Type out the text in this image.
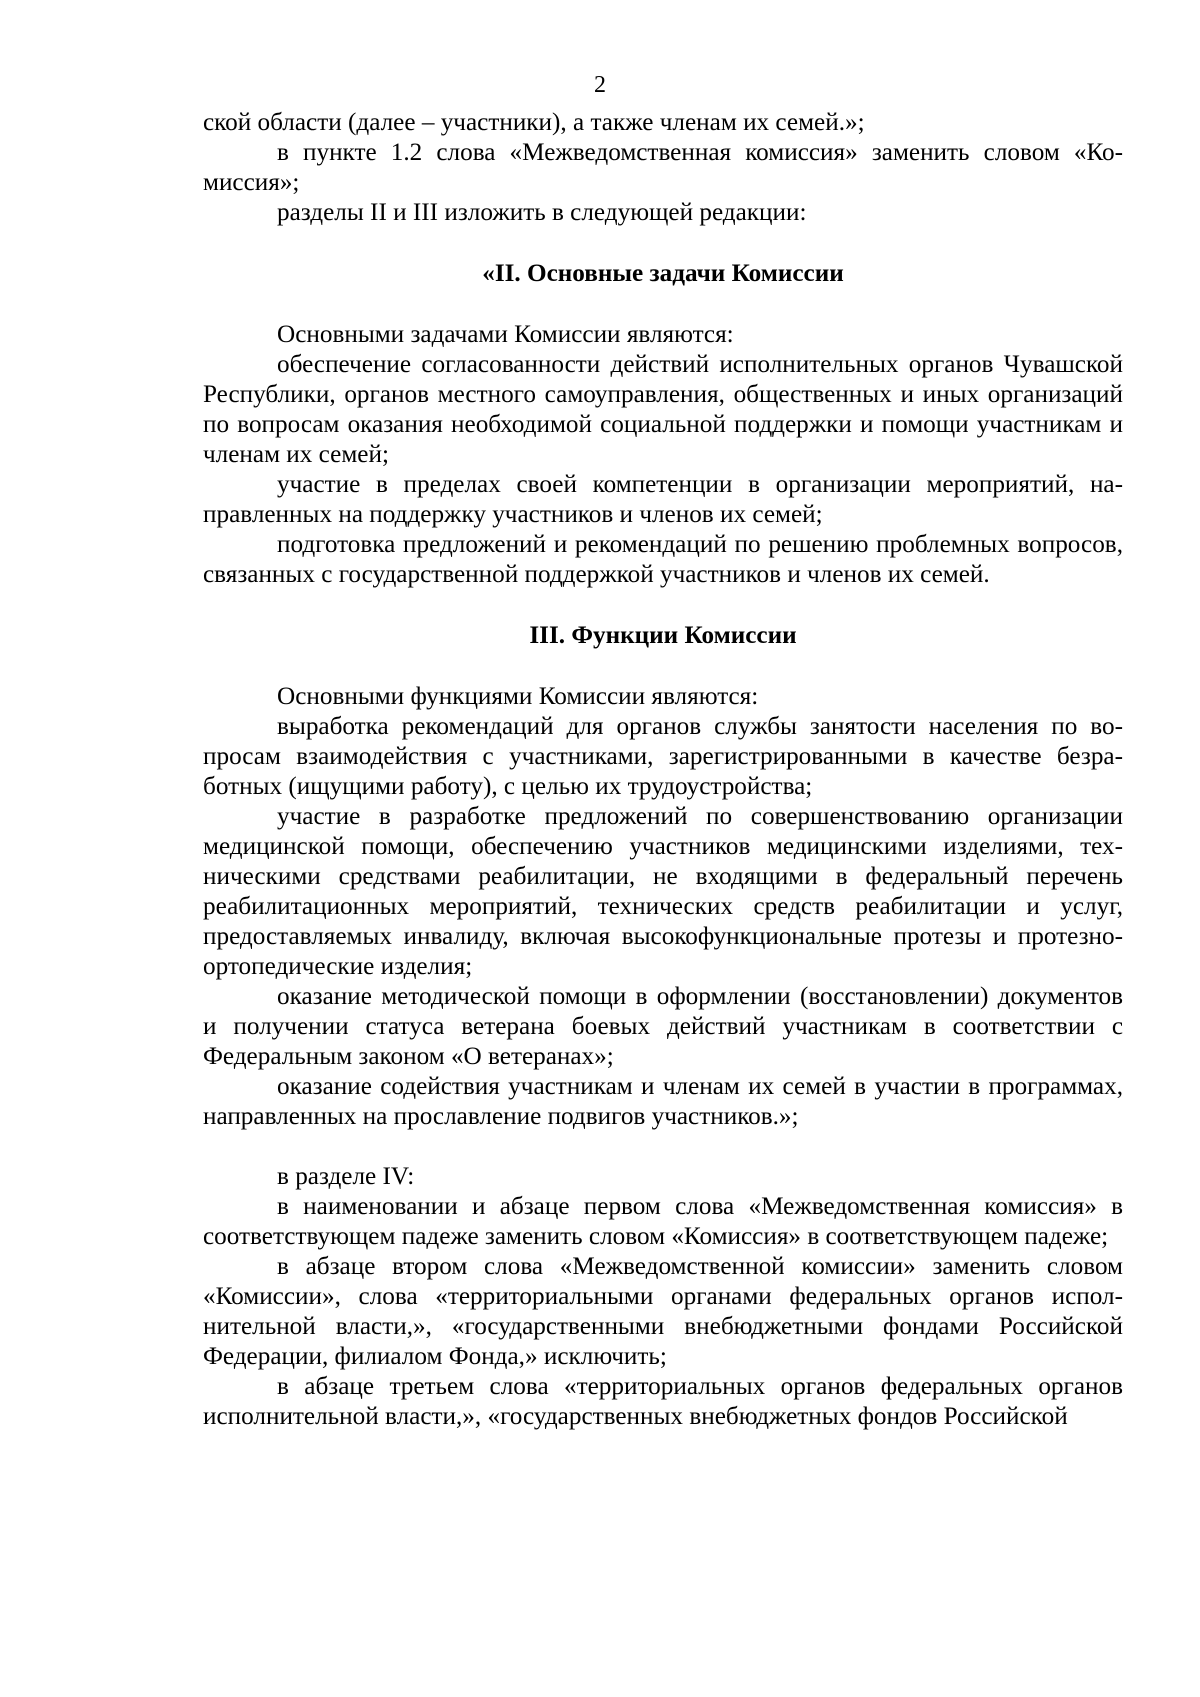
2

ской области (далее – участники), а также членам их семей.»;

в пункте 1.2 слова «Межведомственная комиссия» заменить словом «Комиссия»;

разделы II и III изложить в следующей редакции:

«II. Основные задачи Комиссии

Основными задачами Комиссии являются:

обеспечение согласованности действий исполнительных органов Чувашской Республики, органов местного самоуправления, общественных и иных организаций по вопросам оказания необходимой социальной поддержки и помощи участникам и членам их семей;

участие в пределах своей компетенции в организации мероприятий, направленных на поддержку участников и членов их семей;

подготовка предложений и рекомендаций по решению проблемных вопросов, связанных с государственной поддержкой участников и членов их семей.

III. Функции Комиссии

Основными функциями Комиссии являются:

выработка рекомендаций для органов службы занятости населения по вопросам взаимодействия с участниками, зарегистрированными в качестве безработных (ищущими работу), с целью их трудоустройства;

участие в разработке предложений по совершенствованию организации медицинской помощи, обеспечению участников медицинскими изделиями, техническими средствами реабилитации, не входящими в федеральный перечень реабилитационных мероприятий, технических средств реабилитации и услуг, предоставляемых инвалиду, включая высокофункциональные протезы и протезно-ортопедические изделия;

оказание методической помощи в оформлении (восстановлении) документов и получении статуса ветерана боевых действий участникам в соответствии с Федеральным законом «О ветеранах»;

оказание содействия участникам и членам их семей в участии в программах, направленных на прославление подвигов участников.»;

в разделе IV:

в наименовании и абзаце первом слова «Межведомственная комиссия» в соответствующем падеже заменить словом «Комиссия» в соответствующем падеже;

в абзаце втором слова «Межведомственной комиссии» заменить словом «Комиссии», слова «территориальными органами федеральных органов исполнительной власти,», «государственными внебюджетными фондами Российской Федерации, филиалом Фонда,» исключить;

в абзаце третьем слова «территориальных органов федеральных органов исполнительной власти,», «государственных внебюджетных фондов Российской
